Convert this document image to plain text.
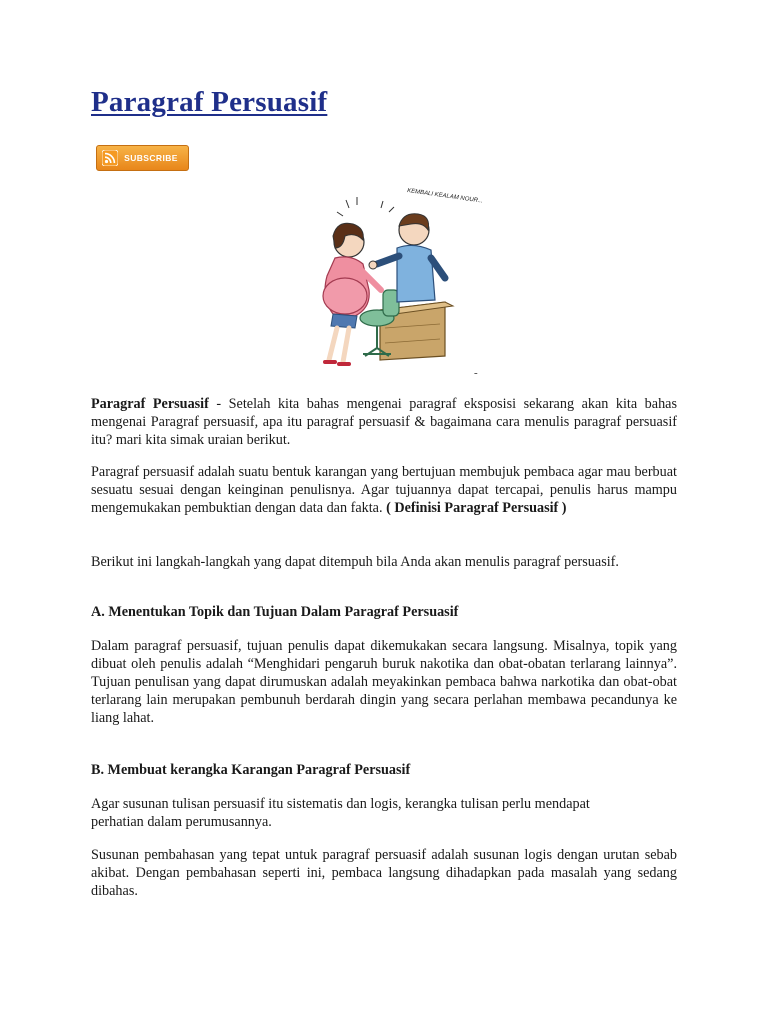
Paragraf Persuasif
SUBSCRIBE
KEMBALI KEALAM NOUR...
-

Paragraf Persuasif - Setelah kita bahas mengenai paragraf eksposisi sekarang akan kita bahas mengenai Paragraf persuasif, apa itu paragraf persuasif & bagaimana cara menulis paragraf persuasif itu? mari kita simak uraian berikut.

Paragraf persuasif adalah suatu bentuk karangan yang bertujuan membujuk pembaca agar mau berbuat sesuatu sesuai dengan keinginan penulisnya. Agar tujuannya dapat tercapai, penulis harus mampu mengemukakan pembuktian dengan data dan fakta. ( Definisi Paragraf Persuasif )

Berikut ini langkah-langkah yang dapat ditempuh bila Anda akan menulis paragraf persuasif.

A. Menentukan Topik dan Tujuan Dalam Paragraf Persuasif

Dalam paragraf persuasif, tujuan penulis dapat dikemukakan secara langsung. Misalnya, topik yang dibuat oleh penulis adalah “Menghidari pengaruh buruk nakotika dan obat-obatan terlarang lainnya”. Tujuan penulisan yang dapat dirumuskan adalah meyakinkan pembaca bahwa narkotika dan obat-obat terlarang lain merupakan pembunuh berdarah dingin yang secara perlahan membawa pecandunya ke liang lahat.

B. Membuat kerangka Karangan Paragraf Persuasif

Agar susunan tulisan persuasif itu sistematis dan logis, kerangka tulisan perlu mendapat
perhatian dalam perumusannya.

Susunan pembahasan yang tepat untuk paragraf persuasif adalah susunan logis dengan urutan sebab akibat. Dengan pembahasan seperti ini, pembaca langsung dihadapkan pada masalah yang sedang dibahas.
